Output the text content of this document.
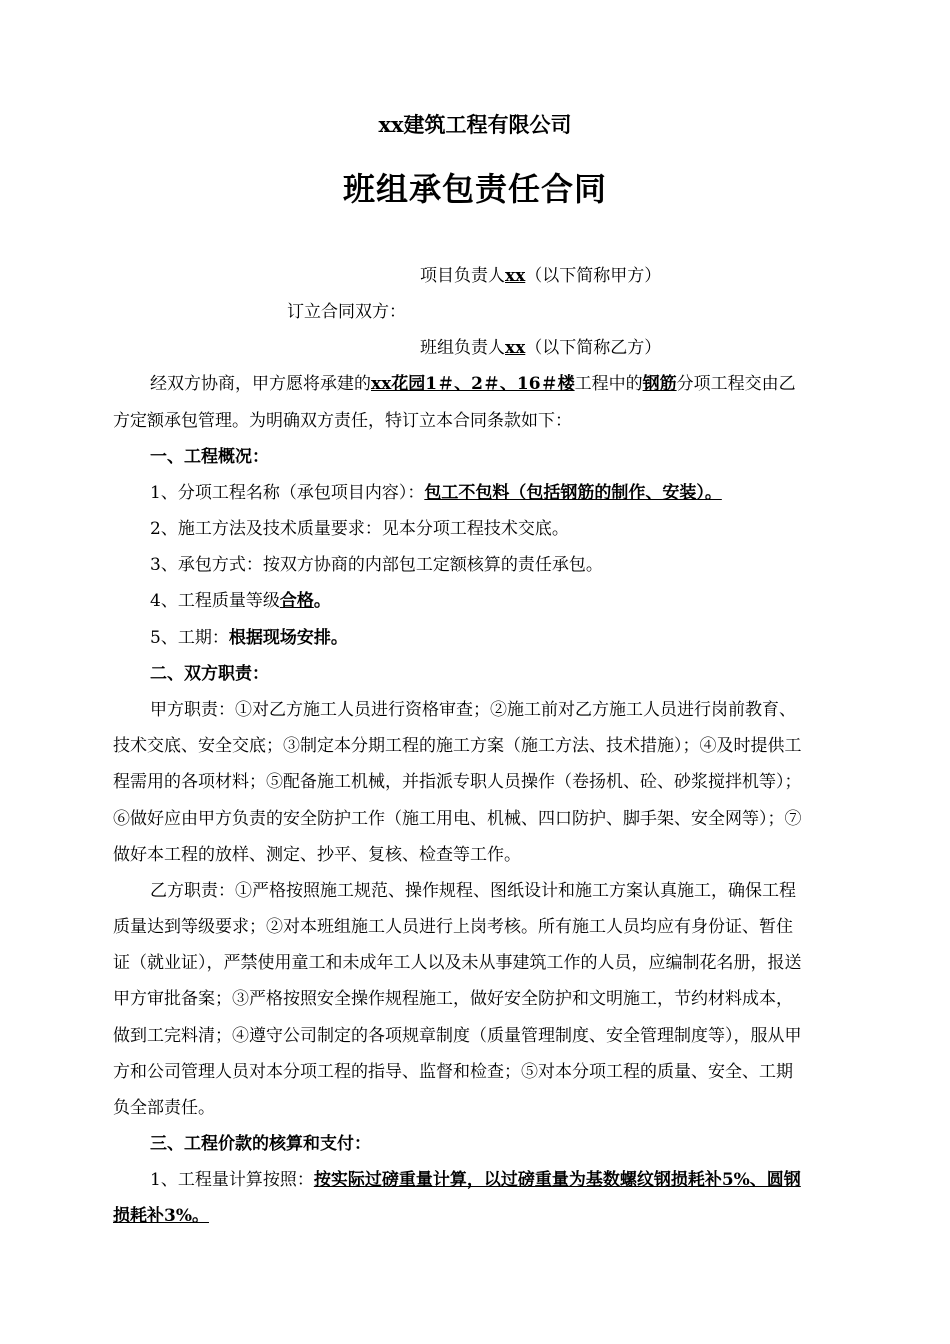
xx建筑工程有限公司
班组承包责任合同
项目负责人xx（以下简称甲方）
订立合同双方：
班组负责人xx（以下简称乙方）
经双方协商，甲方愿将承建的xx花园1＃、2＃、16＃楼工程中的钢筋分项工程交由乙
方定额承包管理。为明确双方责任，特订立本合同条款如下：
一、工程概况：
1、分项工程名称（承包项目内容）：包工不包料（包括钢筋的制作、安装）。
2、施工方法及技术质量要求：见本分项工程技术交底。
3、承包方式：按双方协商的内部包工定额核算的责任承包。
4、工程质量等级合格。
5、工期：根据现场安排。
二、双方职责：
甲方职责：①对乙方施工人员进行资格审查；②施工前对乙方施工人员进行岗前教育、
技术交底、安全交底；③制定本分期工程的施工方案（施工方法、技术措施）；④及时提供工
程需用的各项材料；⑤配备施工机械，并指派专职人员操作（卷扬机、砼、砂浆搅拌机等）；
⑥做好应由甲方负责的安全防护工作（施工用电、机械、四口防护、脚手架、安全网等）；⑦
做好本工程的放样、测定、抄平、复核、检查等工作。
乙方职责：①严格按照施工规范、操作规程、图纸设计和施工方案认真施工，确保工程
质量达到等级要求；②对本班组施工人员进行上岗考核。所有施工人员均应有身份证、暂住
证（就业证），严禁使用童工和未成年工人以及未从事建筑工作的人员，应编制花名册，报送
甲方审批备案；③严格按照安全操作规程施工，做好安全防护和文明施工，节约材料成本，
做到工完料清；④遵守公司制定的各项规章制度（质量管理制度、安全管理制度等），服从甲
方和公司管理人员对本分项工程的指导、监督和检查；⑤对本分项工程的质量、安全、工期
负全部责任。
三、工程价款的核算和支付：
1、工程量计算按照：按实际过磅重量计算，以过磅重量为基数螺纹钢损耗补5%、圆钢
损耗补3%。
